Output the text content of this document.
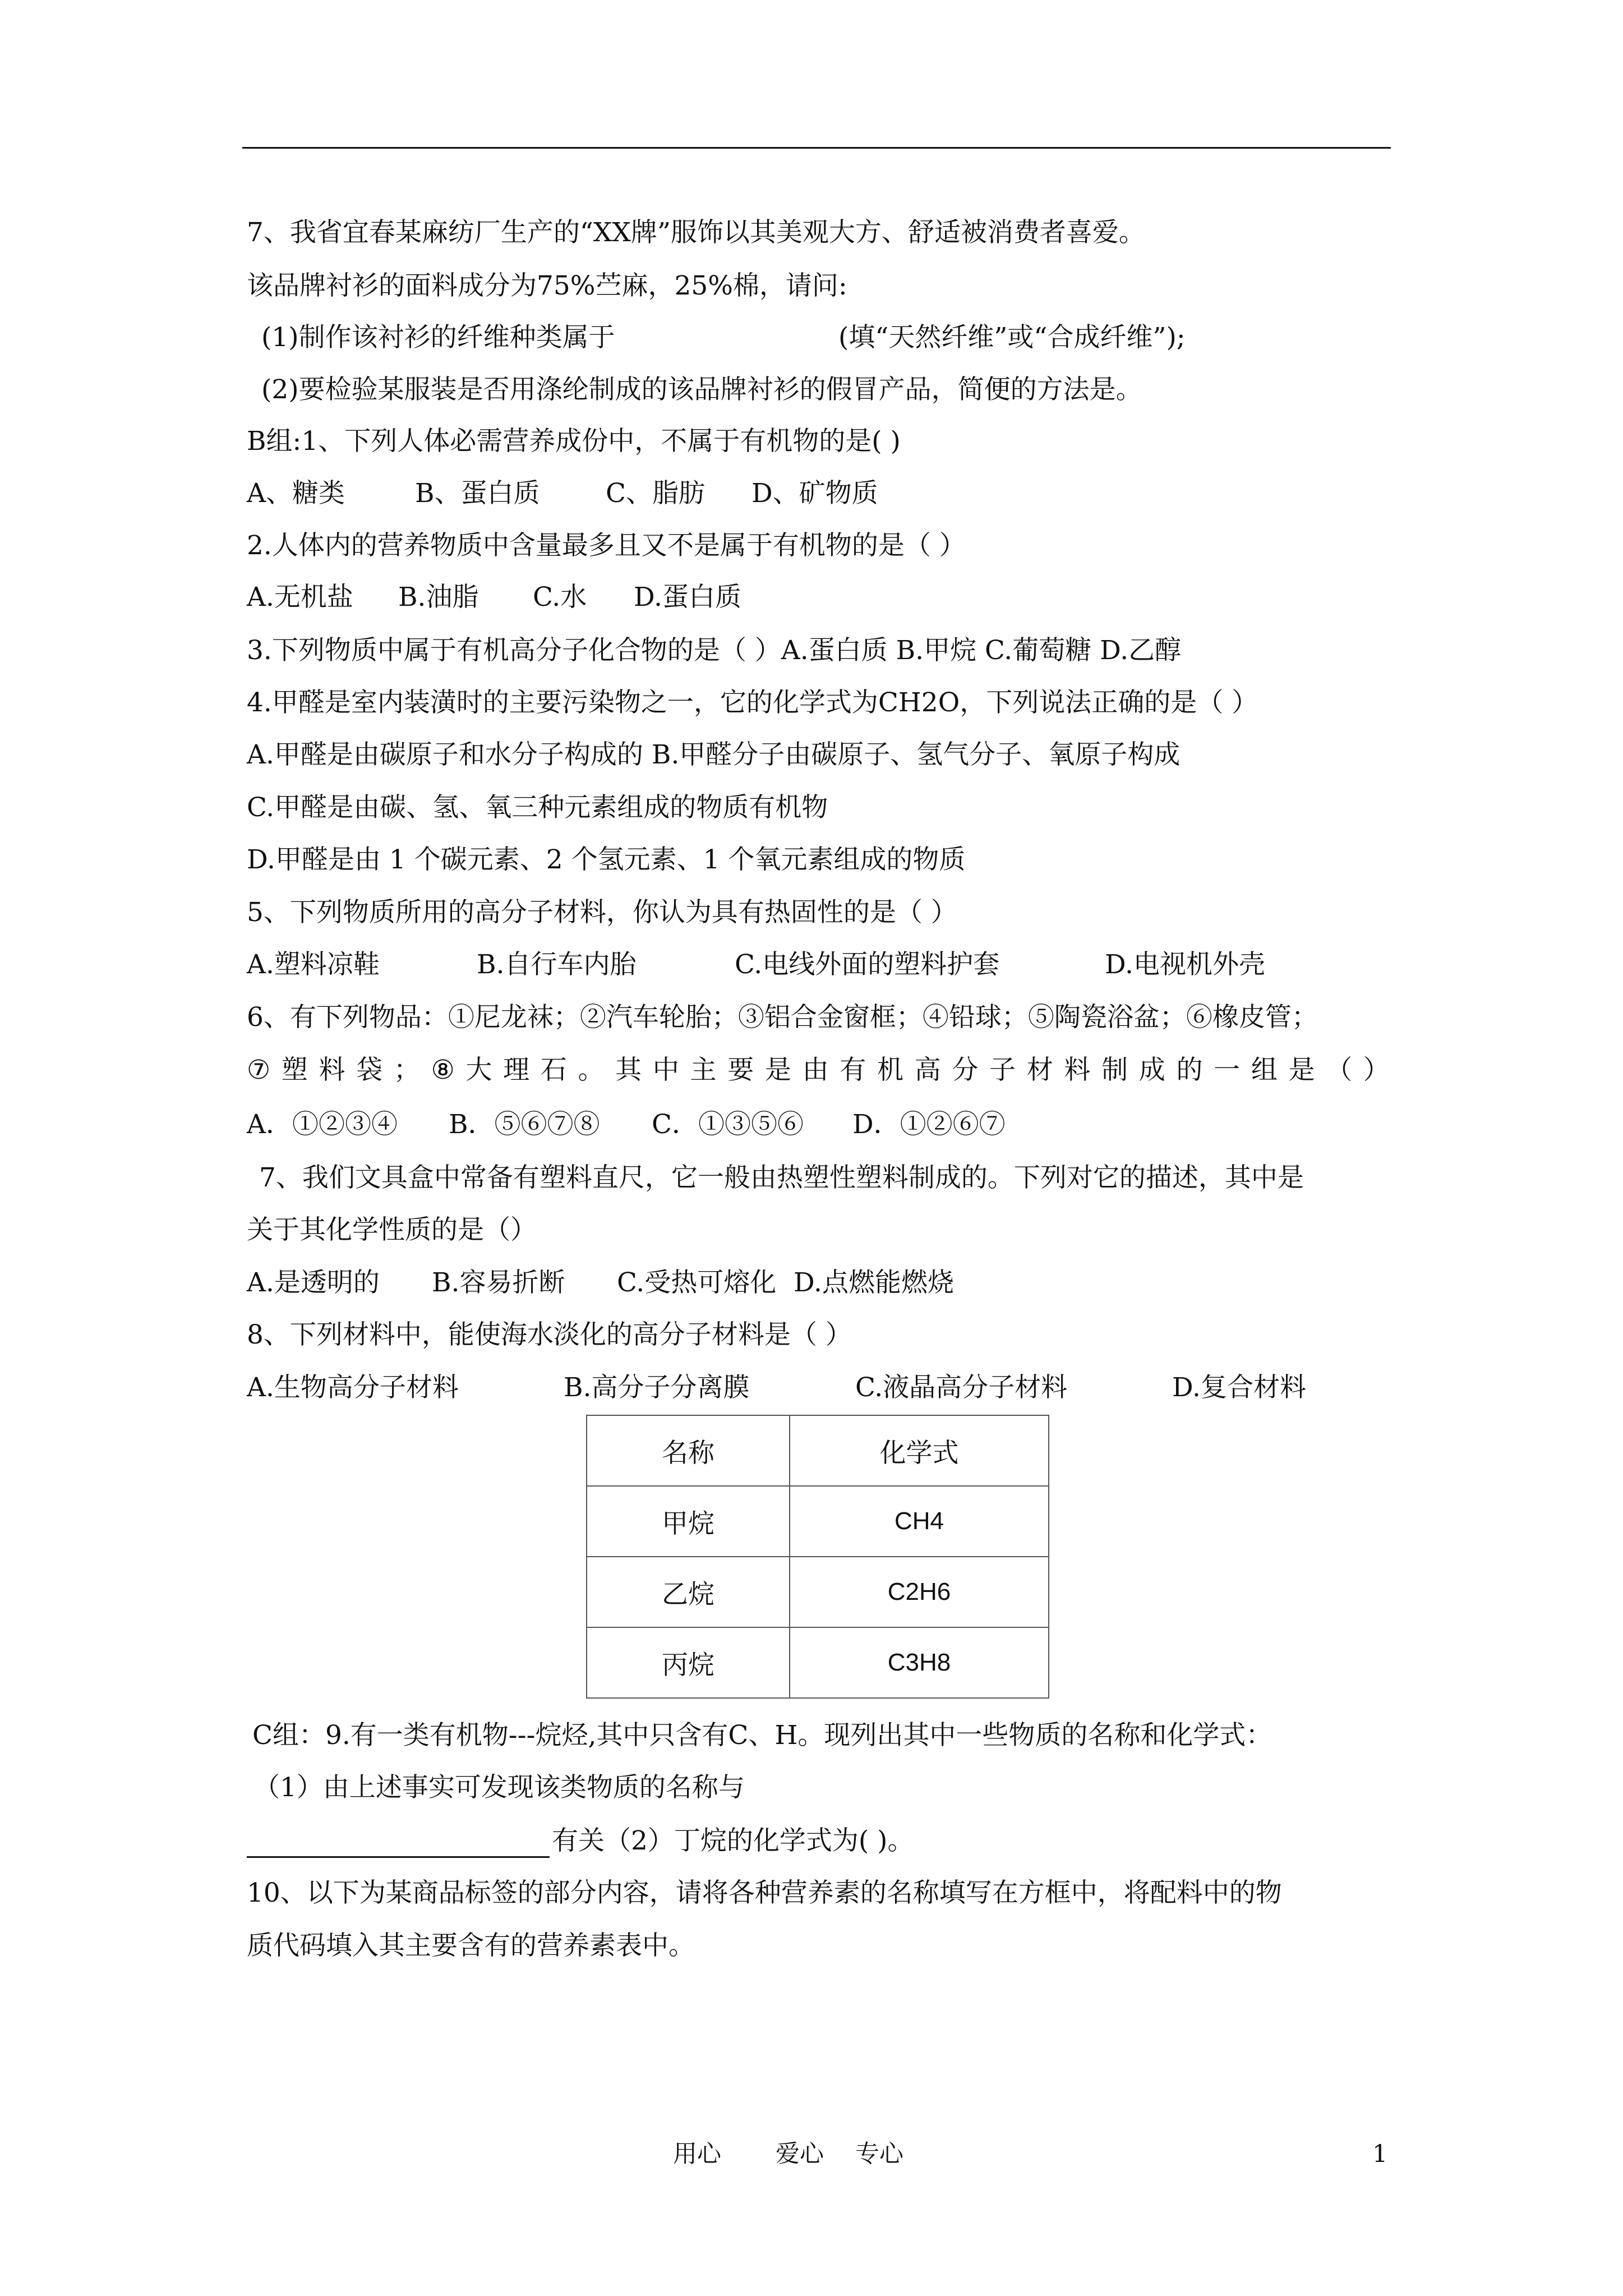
7、我省宜春某麻纺厂生产的“XX牌”服饰以其美观大方、舒适被消费者喜爱。
该品牌衬衫的面料成分为75%苎麻，25%棉，请问:
(1)制作该衬衫的纤维种类属于	(填“天然纤维”或“合成纤维”);
(2)要检验某服装是否用涤纶制成的该品牌衬衫的假冒产品，简便的方法是。
B组:1、下列人体必需营养成份中，不属于有机物的是( )
A、糖类	B、蛋白质 C、脂肪 D、矿物质
2.人体内的营养物质中含量最多且又不是属于有机物的是（ ）
A.无机盐 B.油脂 C.水 D.蛋白质
3.下列物质中属于有机高分子化合物的是（ ）A.蛋白质 B.甲烷 C.葡萄糖 D.乙醇
4.甲醛是室内装潢时的主要污染物之一，它的化学式为CH2O，下列说法正确的是（ ）
A.甲醛是由碳原子和水分子构成的 B.甲醛分子由碳原子、氢气分子、氧原子构成
C.甲醛是由碳、氢、氧三种元素组成的物质有机物
D.甲醛是由 1 个碳元素、2 个氢元素、1 个氧元素组成的物质
5、下列物质所用的高分子材料，你认为具有热固性的是（ ）
A.塑料凉鞋	B.自行车内胎	C.电线外面的塑料护套	D.电视机外壳
6、有下列物品：①尼龙袜；②汽车轮胎；③铝合金窗框；④铅球；⑤陶瓷浴盆；⑥橡皮管；
⑦ 塑 料 袋 ； ⑧ 大 理 石 。 其 中 主 要 是 由 有 机 高 分 子 材 料 制 成 的 一 组 是 （ ）
A．①②③④ B．⑤⑥⑦⑧ C．①③⑤⑥ D．①②⑥⑦
7、我们文具盒中常备有塑料直尺，它一般由热塑性塑料制成的。下列对它的描述，其中是
关于其化学性质的是（）
A.是透明的 B.容易折断 C.受热可熔化 D.点燃能燃烧
8、下列材料中，能使海水淡化的高分子材料是（ ）
A.生物高分子材料	B.高分子分离膜	C.液晶高分子材料	D.复合材料
名称	化学式
甲烷	CH4
乙烷	C2H6
丙烷	C3H8
C组：9.有一类有机物---烷烃,其中只含有C、H。现列出其中一些物质的名称和化学式：
（1）由上述事实可发现该类物质的名称与
有关（2）丁烷的化学式为( )。
10、以下为某商品标签的部分内容，请将各种营养素的名称填写在方框中，将配料中的物
质代码填入其主要含有的营养素表中。
用心 爱心 专心	1
